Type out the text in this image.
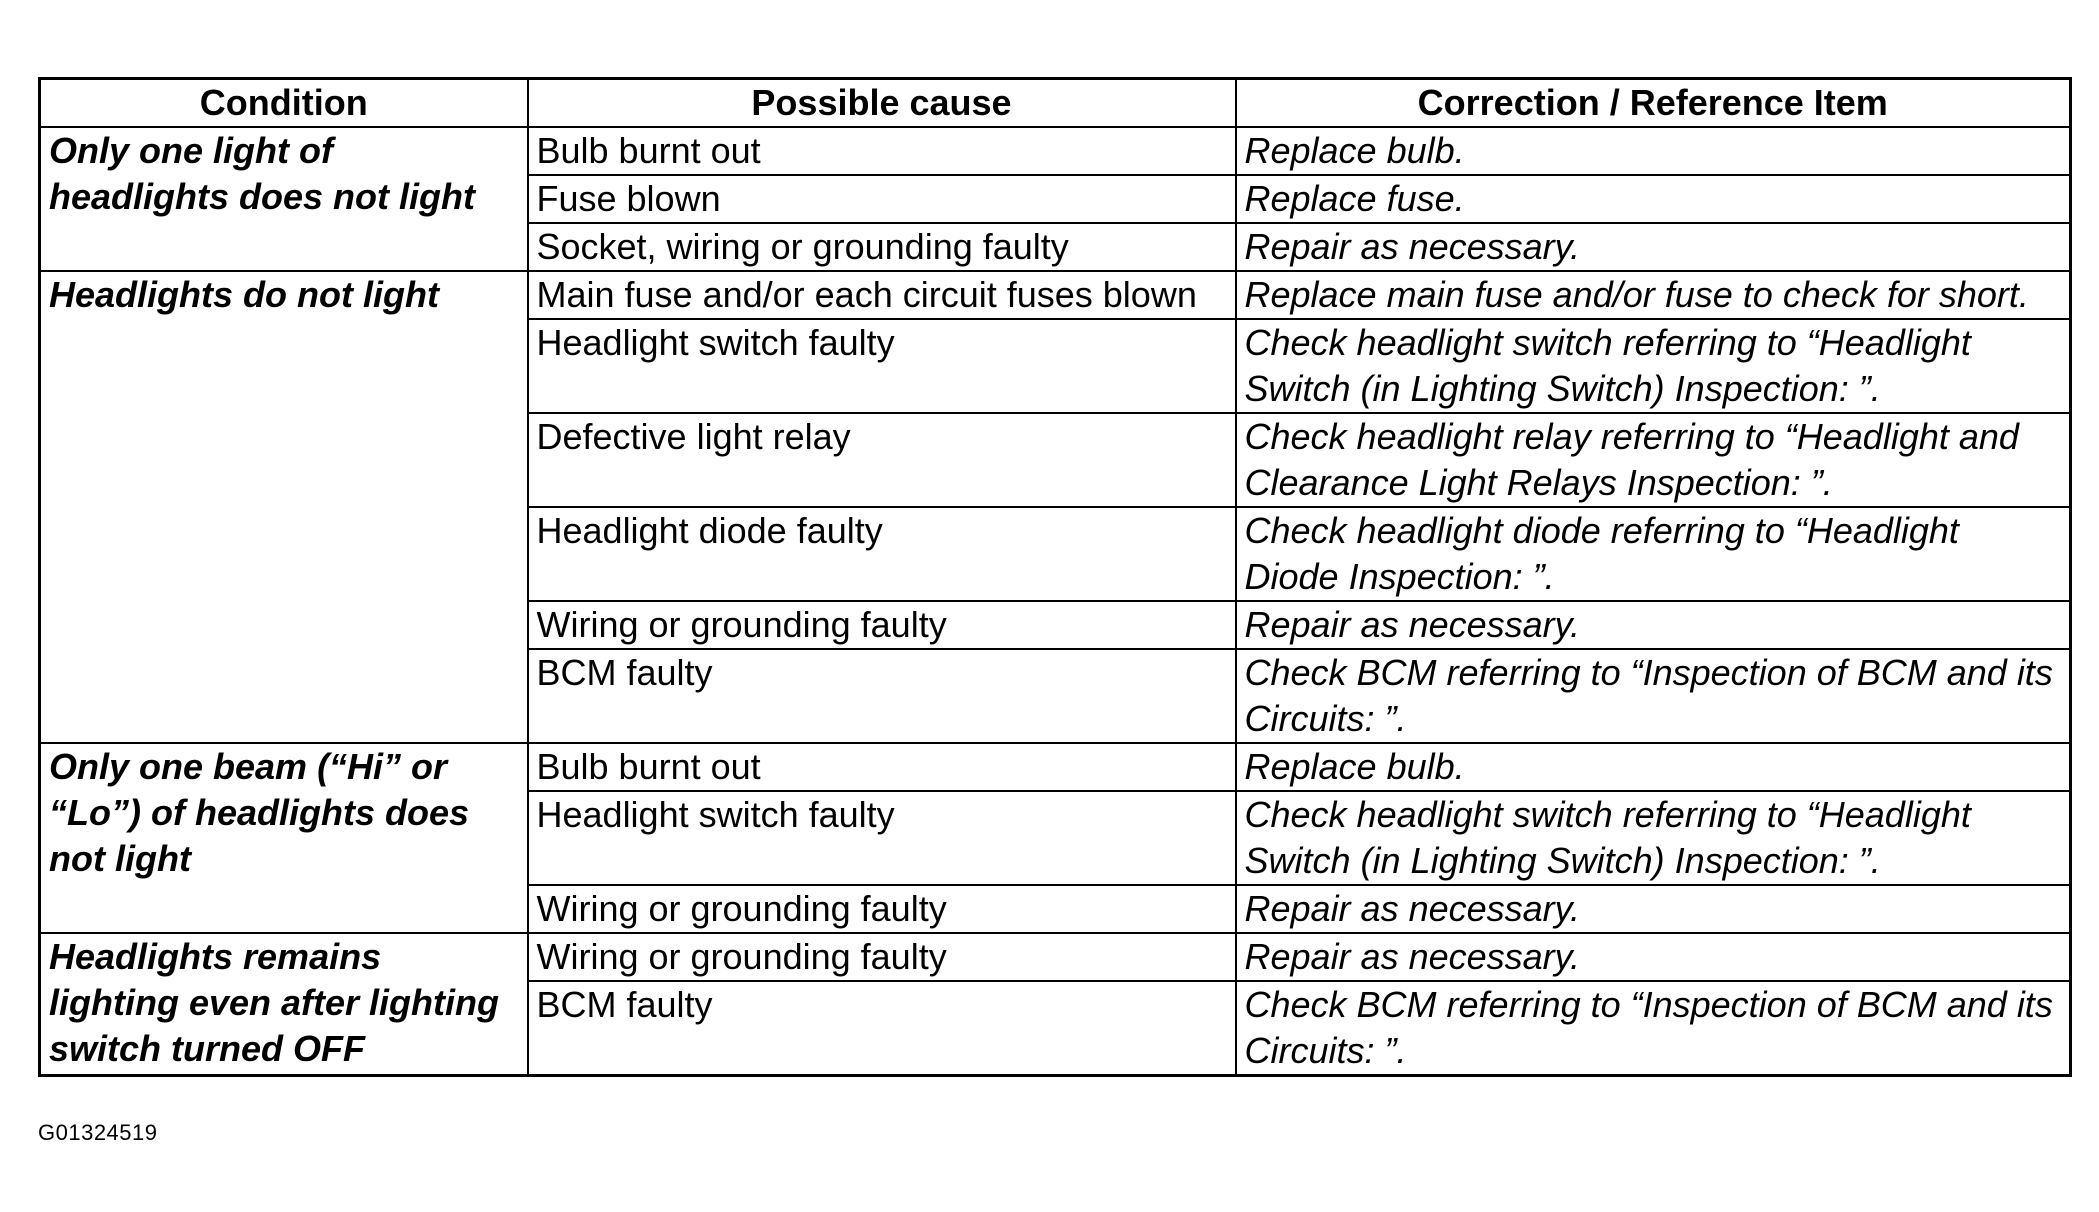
Condition	Possible cause	Correction / Reference Item
Only one light of headlights does not light	Bulb burnt out	Replace bulb.
	Fuse blown	Replace fuse.
	Socket, wiring or grounding faulty	Repair as necessary.
Headlights do not light	Main fuse and/or each circuit fuses blown	Replace main fuse and/or fuse to check for short.
	Headlight switch faulty	Check headlight switch referring to “Headlight Switch (in Lighting Switch) Inspection: ”.
	Defective light relay	Check headlight relay referring to “Headlight and Clearance Light Relays Inspection: ”.
	Headlight diode faulty	Check headlight diode referring to “Headlight Diode Inspection: ”.
	Wiring or grounding faulty	Repair as necessary.
	BCM faulty	Check BCM referring to “Inspection of BCM and its Circuits: ”.
Only one beam (“Hi” or “Lo”) of headlights does not light	Bulb burnt out	Replace bulb.
	Headlight switch faulty	Check headlight switch referring to “Headlight Switch (in Lighting Switch) Inspection: ”.
	Wiring or grounding faulty	Repair as necessary.
Headlights remains lighting even after lighting switch turned OFF	Wiring or grounding faulty	Repair as necessary.
	BCM faulty	Check BCM referring to “Inspection of BCM and its Circuits: ”.
G01324519
